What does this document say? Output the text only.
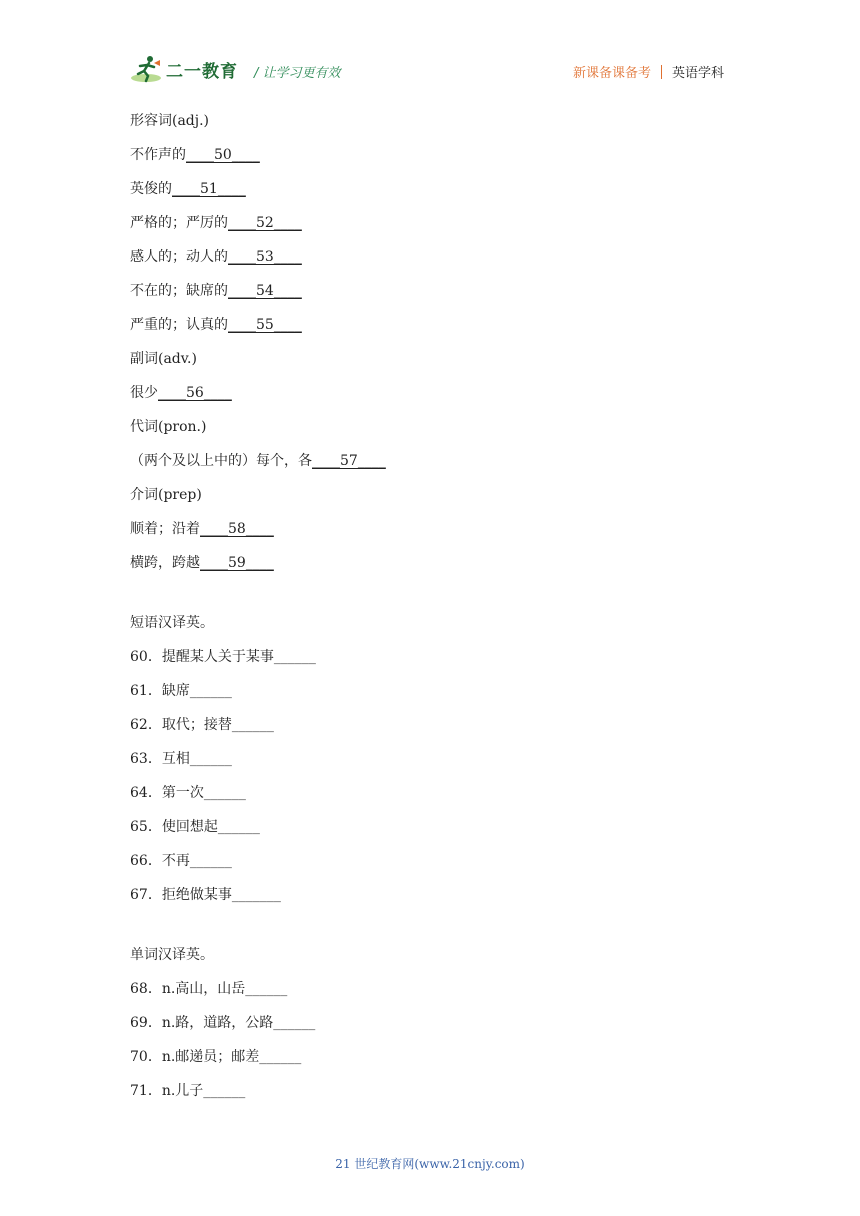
二一教育 / 让学习更有效	新课备课备考 英语学科
形容词(adj.)
不作声的____50____
英俊的____51____
严格的；严厉的____52____
感人的；动人的____53____
不在的；缺席的____54____
严重的；认真的____55____
副词(adv.)
很少____56____
代词(pron.)
（两个及以上中的）每个，各____57____
介词(prep)
顺着；沿着____58____
横跨，跨越____59____
短语汉译英。
60．提醒某人关于某事______
61．缺席______
62．取代；接替______
63．互相______
64．第一次______
65．使回想起______
66．不再______
67．拒绝做某事_______
单词汉译英。
68．n.高山，山岳______
69．n.路，道路，公路______
70．n.邮递员；邮差______
71．n.儿子______
21 世纪教育网(www.21cnjy.com)
